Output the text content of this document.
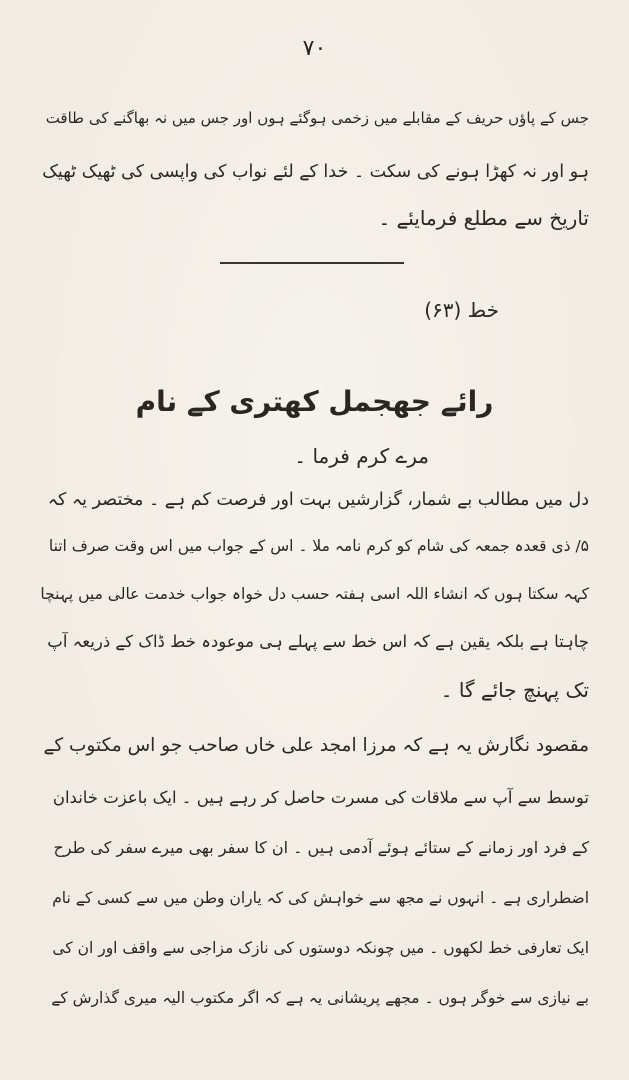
۷۰
جس کے پاؤں حریف کے مقابلے میں زخمی ہوگئے ہوں اور جس میں نہ بھاگنے کی طاقت
ہو اور نہ کھڑا ہونے کی سکت ۔ خدا کے لئے نواب کی واپسی کی ٹھیک ٹھیک
تاریخ سے مطلع فرمایئے ۔
خط (۶۳)
رائے جھجمل کھتری کے نام
مرے کرم فرما ۔
دل میں مطالب بے شمار، گزارشیں بہت اور فرصت کم ہے ۔ مختصر یہ کہ
۵/ ذی قعدہ جمعہ کی شام کو کرم نامہ ملا ۔ اس کے جواب میں اس وقت صرف اتنا
کہہ سکتا ہوں کہ انشاء اللہ اسی ہفتہ حسب دل خواہ جواب خدمت عالی میں پہنچا
چاہتا ہے بلکہ یقین ہے کہ اس خط سے پہلے ہی موعودہ خط ڈاک کے ذریعہ آپ
تک پہنچ جائے گا ۔
مقصود نگارش یہ ہے کہ مرزا امجد علی خاں صاحب جو اس مکتوب کے
توسط سے آپ سے ملاقات کی مسرت حاصل کر رہے ہیں ۔ ایک باعزت خاندان
کے فرد اور زمانے کے ستائے ہوئے آدمی ہیں ۔ ان کا سفر بھی میرے سفر کی طرح
اضطراری ہے ۔ انہوں نے مجھ سے خواہش کی کہ یاران وطن میں سے کسی کے نام
ایک تعارفی خط لکھوں ۔ میں چونکہ دوستوں کی نازک مزاجی سے واقف اور ان کی
بے نیازی سے خوگر ہوں ۔ مجھے پریشانی یہ ہے کہ اگر مکتوب الیہ میری گذارش کے
